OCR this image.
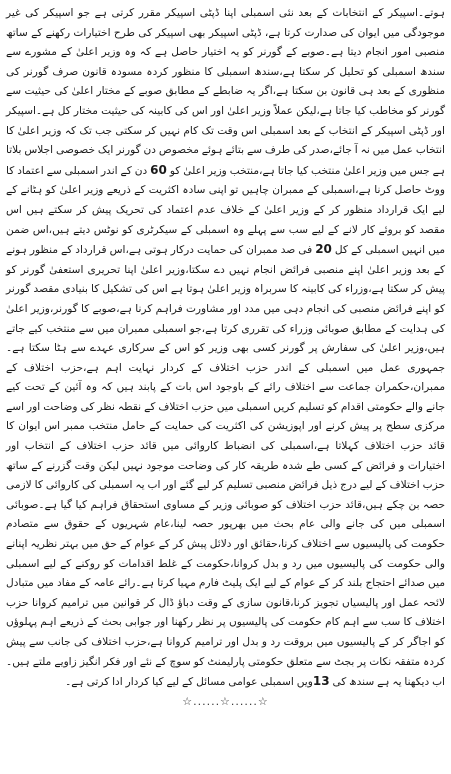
ہوتے۔اسپیکر کے انتخابات کے بعد نئی اسمبلی اپنا ڈپٹی اسپیکر مقرر کرتی ہے جو اسپیکر کی غیر موجودگی میں ایوان کی صدارت کرتا ہے، ڈپٹی اسپیکر بھی اسپیکر کی طرح اختیارات رکھنے کے ساتھ منصبی امور انجام دیتا ہے۔صوبے کے گورنر کو یہ اختیار حاصل ہے کہ وہ وزیر اعلیٰ کے مشورے سے سندھ اسمبلی کو تحلیل کر سکتا ہے،سندھ اسمبلی کا منظور کردہ مسودہ قانون صرف گورنر کی منظوری کے بعد ہی قانون بن سکتا ہے،اگر یہ ضابطے کے مطابق صوبے کے مختار اعلیٰ کی حیثیت سے گورنر کو مخاطب کیا جاتا ہے،لیکن عملاً وزیر اعلیٰ اور اس کی کابینہ کی حیثیت مختار کل ہے۔اسپیکر اور ڈپٹی اسپیکر کے انتخاب کے بعد اسمبلی اس وقت تک کام نہیں کر سکتی جب تک کہ وزیر اعلیٰ کا انتخاب عمل میں نہ آ جائے،صدر کی طرف سے بتائے ہوئے مخصوص دن گورنر ایک خصوصی اجلاس بلاتا ہے جس میں وزیر اعلیٰ منتخب کیا جاتا ہے،منتخب وزیر اعلیٰ کو 60 دن کے اندر اسمبلی سے اعتماد کا ووٹ حاصل کرنا ہے،اسمبلی کے ممبران چاہیں تو اپنی سادہ اکثریت کے ذریعے وزیر اعلیٰ کو ہٹانے کے لیے ایک قرارداد منظور کر کے وزیر اعلیٰ کے خلاف عدم اعتماد کی تحریک پیش کر سکتے ہیں اس مقصد کو بروئے کار لانے کے لیے سب سے پہلے وہ اسمبلی کے سیکرٹری کو نوٹس دیتے ہیں،اس ضمن میں انہیں اسمبلی کے کل 20 فی صد ممبران کی حمایت درکار ہوتی ہے،اس قرارداد کے منظور ہونے کے بعد وزیر اعلیٰ اپنے منصبی فرائض انجام نہیں دے سکتا،وزیر اعلیٰ اپنا تحریری استعفیٰ گورنر کو پیش کر سکتا ہے،وزراء کی کابینہ کا سربراہ وزیر اعلیٰ ہوتا ہے اس کی تشکیل کا بنیادی مقصد گورنر کو اپنے فرائض منصبی کی انجام دہی میں مدد اور مشاورت فراہم کرنا ہے،صوبے کا گورنر،وزیر اعلیٰ کی ہدایت کے مطابق صوبائی وزراء کی تقرری کرتا ہے،جو اسمبلی ممبران میں سے منتخب کیے جاتے ہیں،وزیر اعلیٰ کی سفارش پر گورنر کسی بھی وزیر کو اس کے سرکاری عہدے سے ہٹا سکتا ہے۔جمہوری عمل میں اسمبلی کے اندر حزب اختلاف کے کردار نہایت اہم ہے،حزب اختلاف کے ممبران،حکمران جماعت سے اختلاف رائے کے باوجود اس بات کے پابند ہیں کہ وہ آئین کے تحت کیے جانے والے حکومتی اقدام کو تسلیم کریں اسمبلی میں حزب اختلاف کے نقطہ نظر کی وضاحت اور اسے مرکزی سطح پر پیش کرنے اور اپوزیشن کی اکثریت کی حمایت کے حامل منتخب ممبر اس ایوان کا قائد حزب اختلاف کہلاتا ہے،اسمبلی کی انضباط کاروائی میں قائد حزب اختلاف کے انتخاب اور اختیارات و فرائض کے کسی طے شدہ طریقہ کار کی وضاحت موجود نہیں لیکن وقت گزرنے کے ساتھ حزب اختلاف کے لیے درج ذیل فرائض منصبی تسلیم کر لیے گئے اور اب یہ اسمبلی کی کاروائی کا لازمی حصہ بن چکے ہیں،قائد حزب اختلاف کو صوبائی وزیر کے مساوی استحقاق فراہم کیا گیا ہے۔صوبائی اسمبلی میں کی جانے والی عام بحث میں بھرپور حصہ لینا،عام شہریوں کے حقوق سے متصادم حکومت کی پالیسیوں سے اختلاف کرنا،حقائق اور دلائل پیش کر کے عوام کے حق میں بہتر نظریہ اپنانے والی حکومت کی پالیسیوں میں رد و بدل کروانا،حکومت کے غلط اقدامات کو روکنے کے لیے اسمبلی میں صدائے احتجاج بلند کر کے عوام کے لیے ایک پلیٹ فارم مہیا کرتا ہے۔رائے عامہ کے مفاد میں متبادل لائحہ عمل اور پالیسیاں تجویز کرنا،قانون سازی کے وقت دباؤ ڈال کر قوانین میں ترامیم کروانا حزب اختلاف کا سب سے اہم کام حکومت کی پالیسیوں پر نظر رکھنا اور جوابی بحث کے ذریعے اہم پہلوؤں کو اجاگر کر کے پالیسیوں میں بروقت رد و بدل اور ترامیم کروانا ہے،حزب اختلاف کی جانب سے پیش کردہ متفقہ نکات پر بجٹ سے متعلق حکومتی پارلیمنٹ کو سوچ کے نئے اور فکر انگیز زاویے ملتے ہیں۔اب دیکھنا یہ ہے سندھ کی 13ویں اسمبلی عوامی مسائل کے لیے کیا کردار ادا کرتی ہے۔

☆......☆......☆
